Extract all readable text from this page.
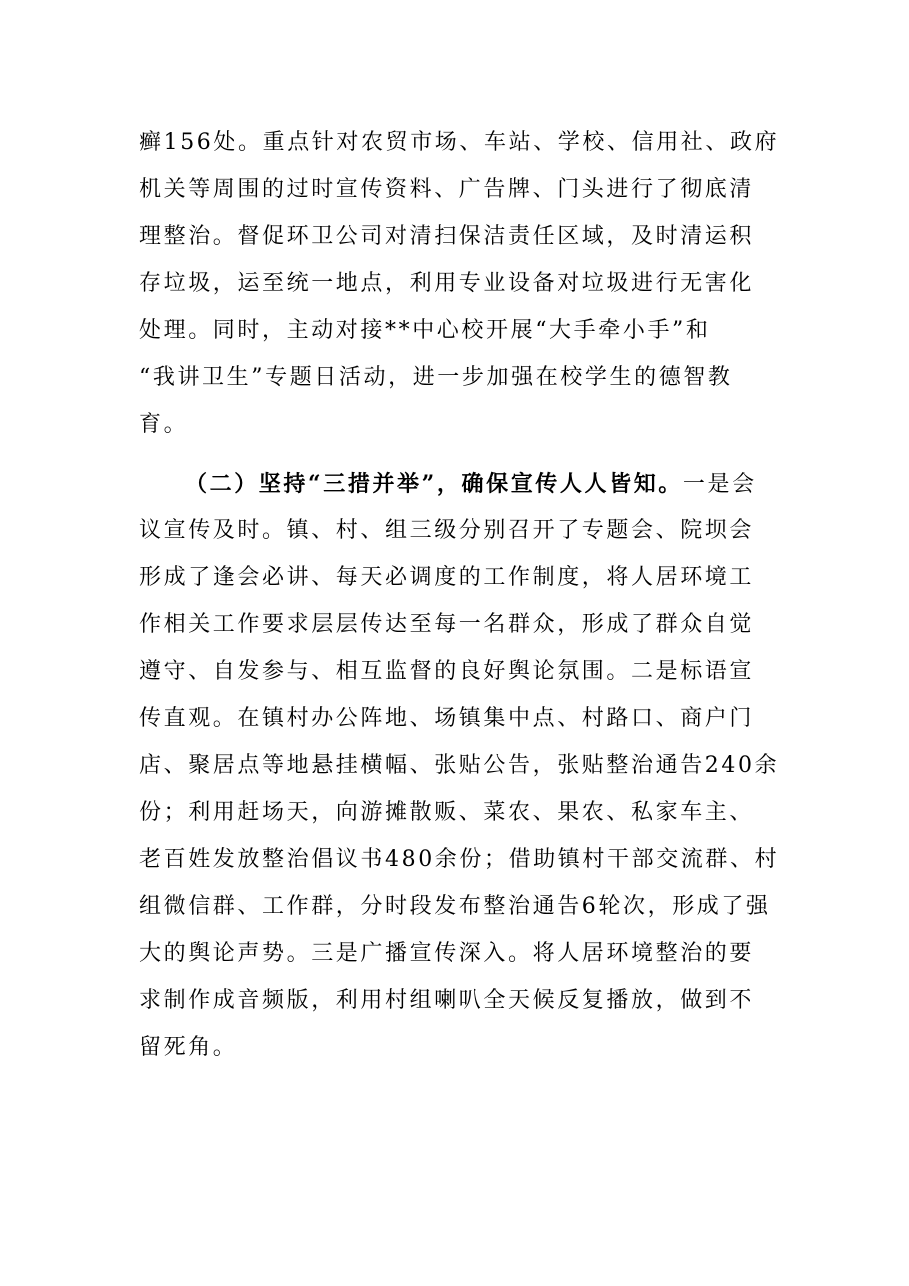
癣156处。重点针对农贸市场、车站、学校、信用社、政府
机关等周围的过时宣传资料、广告牌、门头进行了彻底清
理整治。督促环卫公司对清扫保洁责任区域，及时清运积
存垃圾，运至统一地点，利用专业设备对垃圾进行无害化
处理。同时，主动对接**中心校开展“大手牵小手”和
“我讲卫生”专题日活动，进一步加强在校学生的德智教
育。
（二）坚持“三措并举”，确保宣传人人皆知。一是会
议宣传及时。镇、村、组三级分别召开了专题会、院坝会
形成了逢会必讲、每天必调度的工作制度，将人居环境工
作相关工作要求层层传达至每一名群众，形成了群众自觉
遵守、自发参与、相互监督的良好舆论氛围。二是标语宣
传直观。在镇村办公阵地、场镇集中点、村路口、商户门
店、聚居点等地悬挂横幅、张贴公告，张贴整治通告240余
份；利用赶场天，向游摊散贩、菜农、果农、私家车主、
老百姓发放整治倡议书480余份；借助镇村干部交流群、村
组微信群、工作群，分时段发布整治通告6轮次，形成了强
大的舆论声势。三是广播宣传深入。将人居环境整治的要
求制作成音频版，利用村组喇叭全天候反复播放，做到不
留死角。
